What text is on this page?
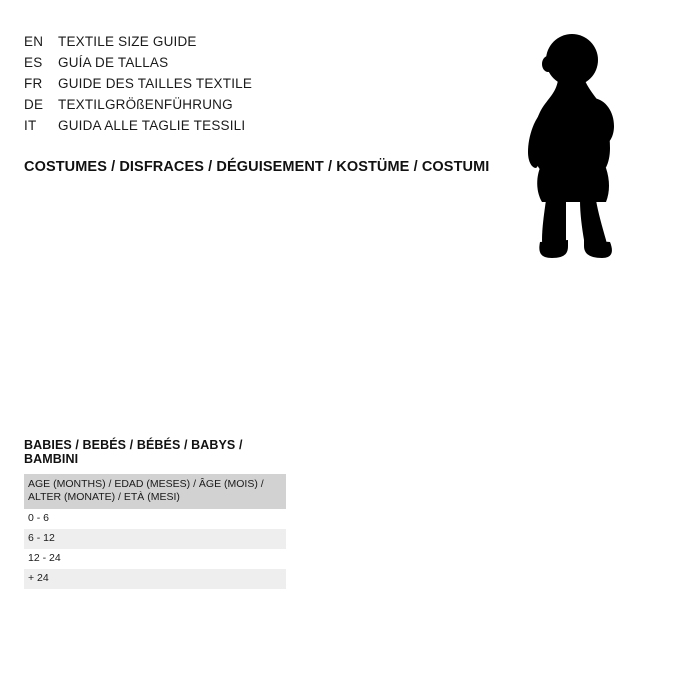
EN	TEXTILE SIZE GUIDE
ES	GUÍA DE TALLAS
FR	GUIDE DES TAILLES TEXTILE
DE	TEXTILGRÖßENFÜHRUNG
IT	GUIDA ALLE TAGLIE TESSILI
COSTUMES / DISFRACES / DÉGUISEMENT / KOSTÜME / COSTUMI
BABIES / BEBÉS / BÉBÉS / BABYS / BAMBINI
AGE (MONTHS) / EDAD (MESES) / ÂGE (MOIS) / ALTER (MONATE) / ETÀ (MESI)
0 - 6
6 - 12
12 - 24
+ 24
